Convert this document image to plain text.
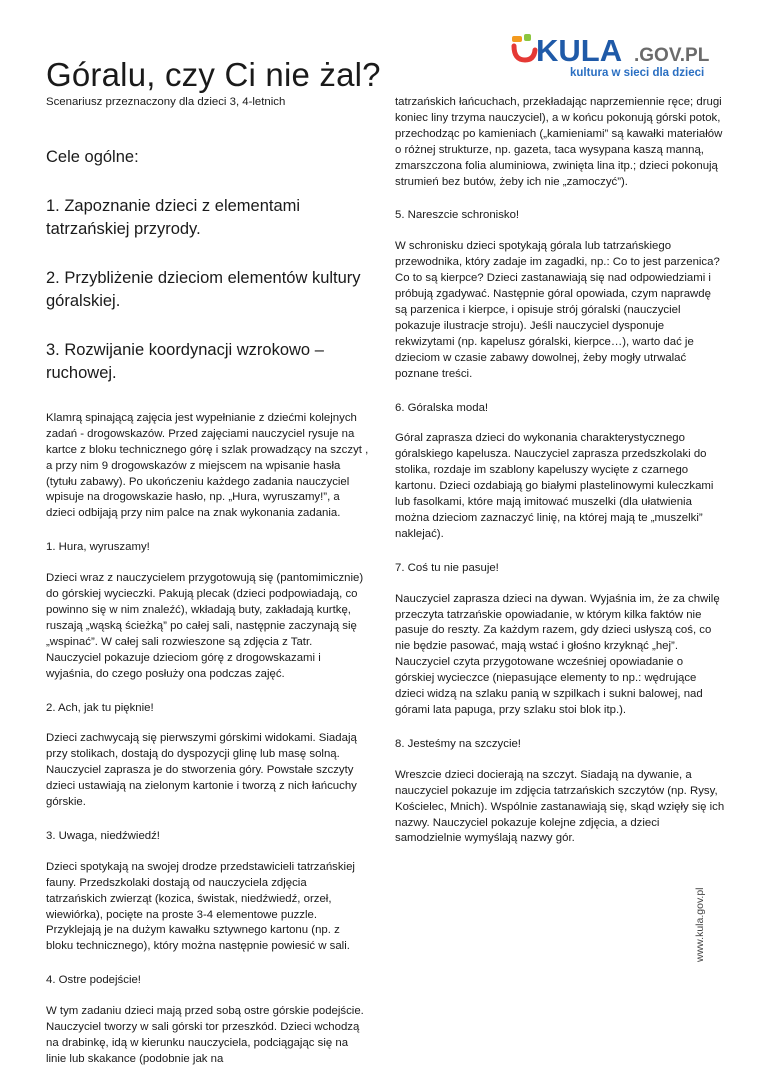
Góralu, czy Ci nie żal?
KULA .GOV.PL
kultura w sieci dla dzieci

Scenariusz przeznaczony dla dzieci 3, 4-letnich

Cele ogólne:

1. Zapoznanie dzieci z elementami tatrzańskiej przyrody.

2. Przybliżenie dzieciom elementów kultury góralskiej.

3. Rozwijanie koordynacji wzrokowo –ruchowej.

Klamrą spinającą zajęcia jest wypełnianie z dziećmi kolejnych zadań - drogowskazów. Przed zajęciami nauczyciel rysuje na kartce z bloku technicznego górę i szlak prowadzący na szczyt , a przy nim 9 drogowskazów z miejscem na wpisanie hasła (tytułu zabawy). Po ukończeniu każdego zadania nauczyciel wpisuje na drogowskazie hasło, np. „Hura, wyruszamy!”, a dzieci odbijają przy nim palce na znak wykonania zadania.

1. Hura, wyruszamy!

Dzieci wraz z nauczycielem przygotowują się (pantomimicznie) do górskiej wycieczki. Pakują plecak (dzieci podpowiadają, co powinno się w nim znaleźć), wkładają buty, zakładają kurtkę, ruszają „wąską ścieżką” po całej sali, następnie zaczynają się „wspinać”. W całej sali rozwieszone są zdjęcia z Tatr. Nauczyciel pokazuje dzieciom górę z drogowskazami i wyjaśnia, do czego posłuży ona podczas zajęć.

2. Ach, jak tu pięknie!

Dzieci zachwycają się pierwszymi górskimi widokami. Siadają przy stolikach, dostają do dyspozycji glinę lub masę solną. Nauczyciel zaprasza je do stworzenia góry. Powstałe szczyty dzieci ustawiają na zielonym kartonie i tworzą z nich łańcuchy górskie.

3. Uwaga, niedźwiedź!

Dzieci spotykają na swojej drodze przedstawicieli tatrzańskiej fauny. Przedszkolaki dostają od nauczyciela zdjęcia tatrzańskich zwierząt (kozica, świstak, niedźwiedź, orzeł, wiewiórka), pocięte na proste 3-4 elementowe puzzle. Przyklejają je na dużym kawałku sztywnego kartonu (np. z bloku technicznego), który można następnie powiesić w sali.

4. Ostre podejście!

W tym zadaniu dzieci mają przed sobą ostre górskie podejście. Nauczyciel tworzy w sali górski tor przeszkód. Dzieci wchodzą na drabinkę, idą w kierunku nauczyciela, podciągając się na linie lub skakance (podobnie jak na

tatrzańskich łańcuchach, przekładając naprzemiennie ręce; drugi koniec liny trzyma nauczyciel), a w końcu pokonują górski potok, przechodząc po kamieniach („kamieniami” są kawałki materiałów o różnej strukturze, np. gazeta, taca wysypana kaszą manną, zmarszczona folia aluminiowa, zwinięta lina itp.; dzieci pokonują strumień bez butów, żeby ich nie „zamoczyć”).

5. Nareszcie schronisko!

W schronisku dzieci spotykają górala lub tatrzańskiego przewodnika, który zadaje im zagadki, np.: Co to jest parzenica? Co to są kierpce? Dzieci zastanawiają się nad odpowiedziami i próbują zgadywać. Następnie góral opowiada, czym naprawdę są parzenica i kierpce, i opisuje strój góralski (nauczyciel pokazuje ilustracje stroju). Jeśli nauczyciel dysponuje rekwizytami (np. kapelusz góralski, kierpce…), warto dać je dzieciom w czasie zabawy dowolnej, żeby mogły utrwalać poznane treści.

6. Góralska moda!

Góral zaprasza dzieci do wykonania charakterystycznego góralskiego kapelusza. Nauczyciel zaprasza przedszkolaki do stolika, rozdaje im szablony kapeluszy wycięte z czarnego kartonu. Dzieci ozdabiają go białymi plastelinowymi kuleczkami lub fasolkami, które mają imitować muszelki (dla ułatwienia można dzieciom zaznaczyć linię, na której mają te „muszelki” naklejać).

7. Coś tu nie pasuje!

Nauczyciel zaprasza dzieci na dywan. Wyjaśnia im, że za chwilę przeczyta tatrzańskie opowiadanie, w którym kilka faktów nie pasuje do reszty. Za każdym razem, gdy dzieci usłyszą coś, co nie będzie pasować, mają wstać i głośno krzyknąć „hej”. Nauczyciel czyta przygotowane wcześniej opowiadanie o górskiej wycieczce (niepasujące elementy to np.: wędrujące dzieci widzą na szlaku panią w szpilkach i sukni balowej, nad górami lata papuga, przy szlaku stoi blok itp.).

8. Jesteśmy na szczycie!

Wreszcie dzieci docierają na szczyt. Siadają na dywanie, a nauczyciel pokazuje im zdjęcia tatrzańskich szczytów (np. Rysy, Kościelec, Mnich). Wspólnie zastanawiają się, skąd wzięły się ich nazwy. Nauczyciel pokazuje kolejne zdjęcia, a dzieci samodzielnie wymyślają nazwy gór.

www.kula.gov.pl
